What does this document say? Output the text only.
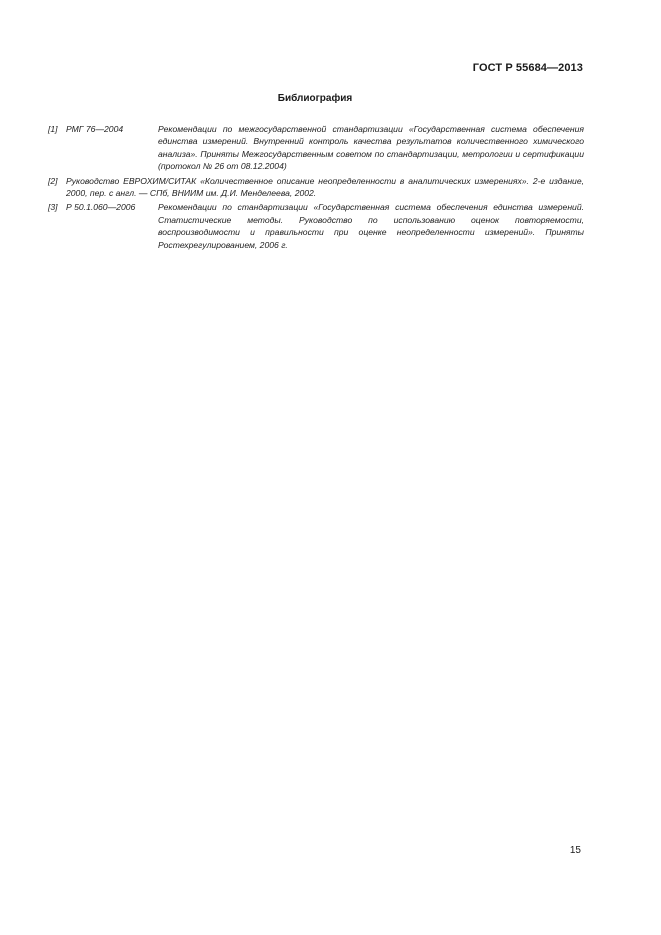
ГОСТ Р 55684—2013
Библиография
[1] РМГ 76—2004	Рекомендации по межгосударственной стандартизации «Государственная система обеспечения единства измерений. Внутренний контроль качества результатов количественного химического анализа». Приняты Межгосударственным советом по стандартизации, метрологии и сертификации (протокол № 26 от 08.12.2004)
[2] Руководство ЕВРОХИМ/СИТАК «Количественное описание неопределенности в аналитических измерениях». 2-е издание, 2000, пер. с англ. — СПб, ВНИИМ им. Д.И. Менделеева, 2002.
[3] Р 50.1.060—2006	Рекомендации по стандартизации «Государственная система обеспечения единства измерений. Статистические методы. Руководство по использованию оценок повторяемости, воспроизводимости и правильности при оценке неопределенности измерений». Приняты Ростехрегулированием, 2006 г.
15
